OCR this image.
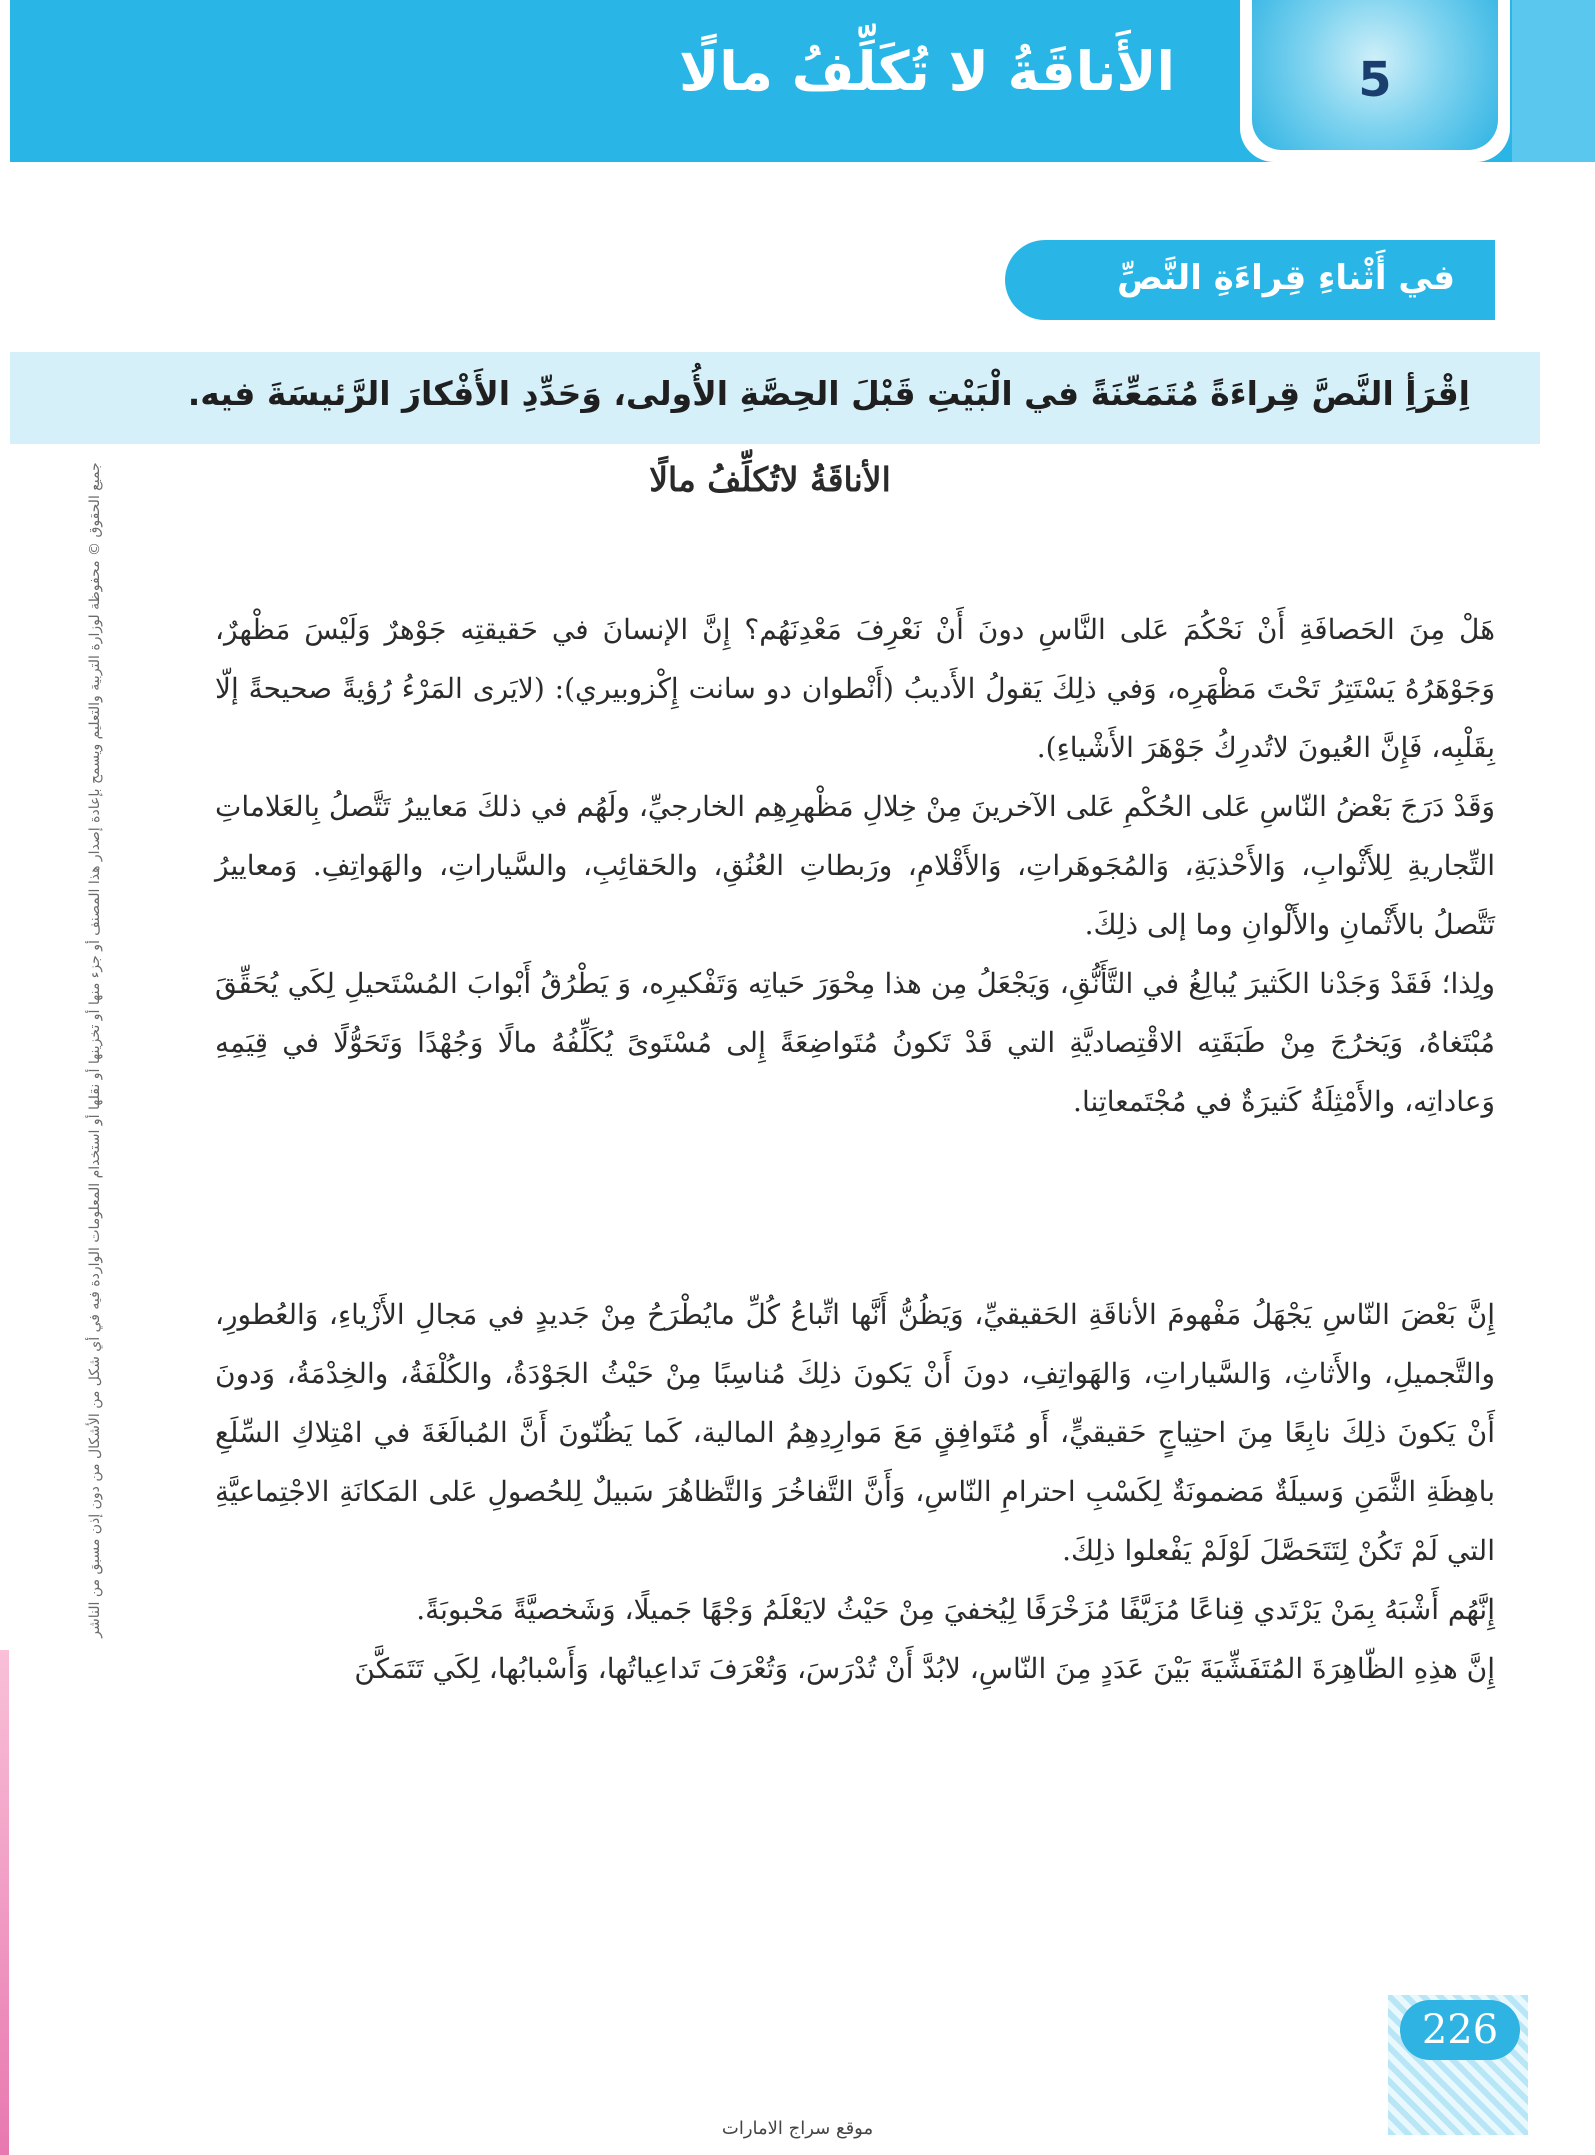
الأَناقَةُ لا تُكَلِّفُ مالًا	5
في أَثْناءِ قِراءَةِ النَّصِّ
اِقْرَأِ النَّصَّ قِراءَةً مُتَمَعِّنَةً في الْبَيْتِ قَبْلَ الحِصَّةِ الأُولى، وَحَدِّدِ الأَفْكارَ الرَّئيسَةَ فيه.
الأناقَةُ لاتُكلِّفُ مالًا

هَلْ مِنَ الحَصافَةِ أَنْ نَحْكُمَ عَلى النَّاسِ دونَ أَنْ نَعْرِفَ مَعْدِنَهُم؟ إِنَّ الإنسانَ في حَقيقتِه جَوْهرٌ وَلَيْسَ مَظْهرٌ، وَجَوْهَرُهُ يَسْتَتِرُ تَحْتَ مَظْهَرِه، وَفي ذلِكَ يَقولُ الأَديبُ (أَنْطوان دو سانت إِكْزوبيري): (لايَرى المَرْءُ رُؤيةً صحيحةً إلّا بِقَلْبِه، فَإِنَّ العُيونَ لاتُدرِكُ جَوْهَرَ الأَشْياءِ).

وَقَدْ دَرَجَ بَعْضُ النّاسِ عَلى الحُكْمِ عَلى الآخرينَ مِنْ خِلالِ مَظْهرِهِم الخارجيِّ، ولَهُم في ذلكَ مَعاييرُ تَتَّصلُ بِالعَلاماتِ التِّجاريةِ لِلأَثْوابِ، وَالأَحْذيَةِ، وَالمُجَوهَراتِ، وَالأَقْلامِ، ورَبطاتِ العُنُقِ، والحَقائِبِ، والسَّياراتِ، والهَواتِفِ. وَمعاييرُ تَتَّصلُ بالأَثْمانِ والأَلْوانِ وما إلى ذلِكَ.

ولِذا؛ فَقَدْ وَجَدْنا الكَثيرَ يُبالِغُ في التَّأَنُّقِ، وَيَجْعَلُ مِن هذا مِحْوَرَ حَياتِه وَتَفْكيرِه، وَ يَطْرُقُ أَبْوابَ المُسْتَحيلِ لِكَي يُحَقِّقَ مُبْتَغاهُ، وَيَخرُجَ مِنْ طَبَقَتِه الاقْتِصاديَّةِ التي قَدْ تَكونُ مُتَواضِعَةً إِلى مُسْتَوىً يُكَلِّفُهُ مالًا وَجُهْدًا وَتَحَوُّلًا في قِيَمِهِ وَعاداتِه، والأَمْثِلَةُ كَثيرَةٌ في مُجْتَمعاتِنا.

إِنَّ بَعْضَ النّاسِ يَجْهَلُ مَفْهومَ الأناقَةِ الحَقيقيِّ، وَيَظُنُّ أَنَّها اتِّباعُ كُلِّ مايُطْرَحُ مِنْ جَديدٍ في مَجالِ الأَزْياءِ، وَالعُطورِ، والتَّجميلِ، والأَثاثِ، وَالسَّياراتِ، وَالهَواتِفِ، دونَ أَنْ يَكونَ ذلِكَ مُناسِبًا مِنْ حَيْثُ الجَوْدَةُ، والكُلْفَةُ، والخِدْمَةُ، وَدونَ أَنْ يَكونَ ذلِكَ نابِعًا مِنَ احتِياجٍ حَقيقيٍّ، أَو مُتَوافِقٍ مَعَ مَوارِدِهِمُ المالية، كَما يَظُنّونَ أَنَّ المُبالَغَةَ في امْتِلاكِ السِّلَعِ باهِظَةِ الثَّمَنِ وَسيلَةٌ مَضمونَةٌ لِكَسْبِ احترامِ النّاسِ، وَأَنَّ التَّفاخُرَ وَالتَّظاهُرَ سَبيلٌ لِلحُصولِ عَلى المَكانَةِ الاجْتِماعيَّةِ التي لَمْ تَكُنْ لِتَتَحَصَّلَ لَوْلَمْ يَفْعلوا ذلِكَ.

إِنَّهُم أَشْبَهُ بِمَنْ يَرْتَدي قِناعًا مُزَيَّفًا مُزَخْرَفًا لِيُخفيَ مِنْ حَيْثُ لايَعْلَمُ وَجْهًا جَميلًا، وَشَخصيَّةً مَحْبوبَةً.

إِنَّ هذِهِ الظّاهِرَةَ المُتَفَشِّيَةَ بَيْنَ عَدَدٍ مِنَ النّاسِ، لابُدَّ أَنْ تُدْرَسَ، وَتُعْرَفَ تَداعِياتُها، وَأَسْبابُها، لِكَي تَتَمَكَّنَ

جميع الحقوق © محفوظة لوزارة التربية والتعليم ويسمح بإعادة إصدار هذا المصنف أو جزء منها أو تخزينها أو نقلها أو استخدام المعلومات الواردة فيه في أي شكل من الأشكال من دون إذن مسبق من الناشر
226
موقع سراج الامارات
